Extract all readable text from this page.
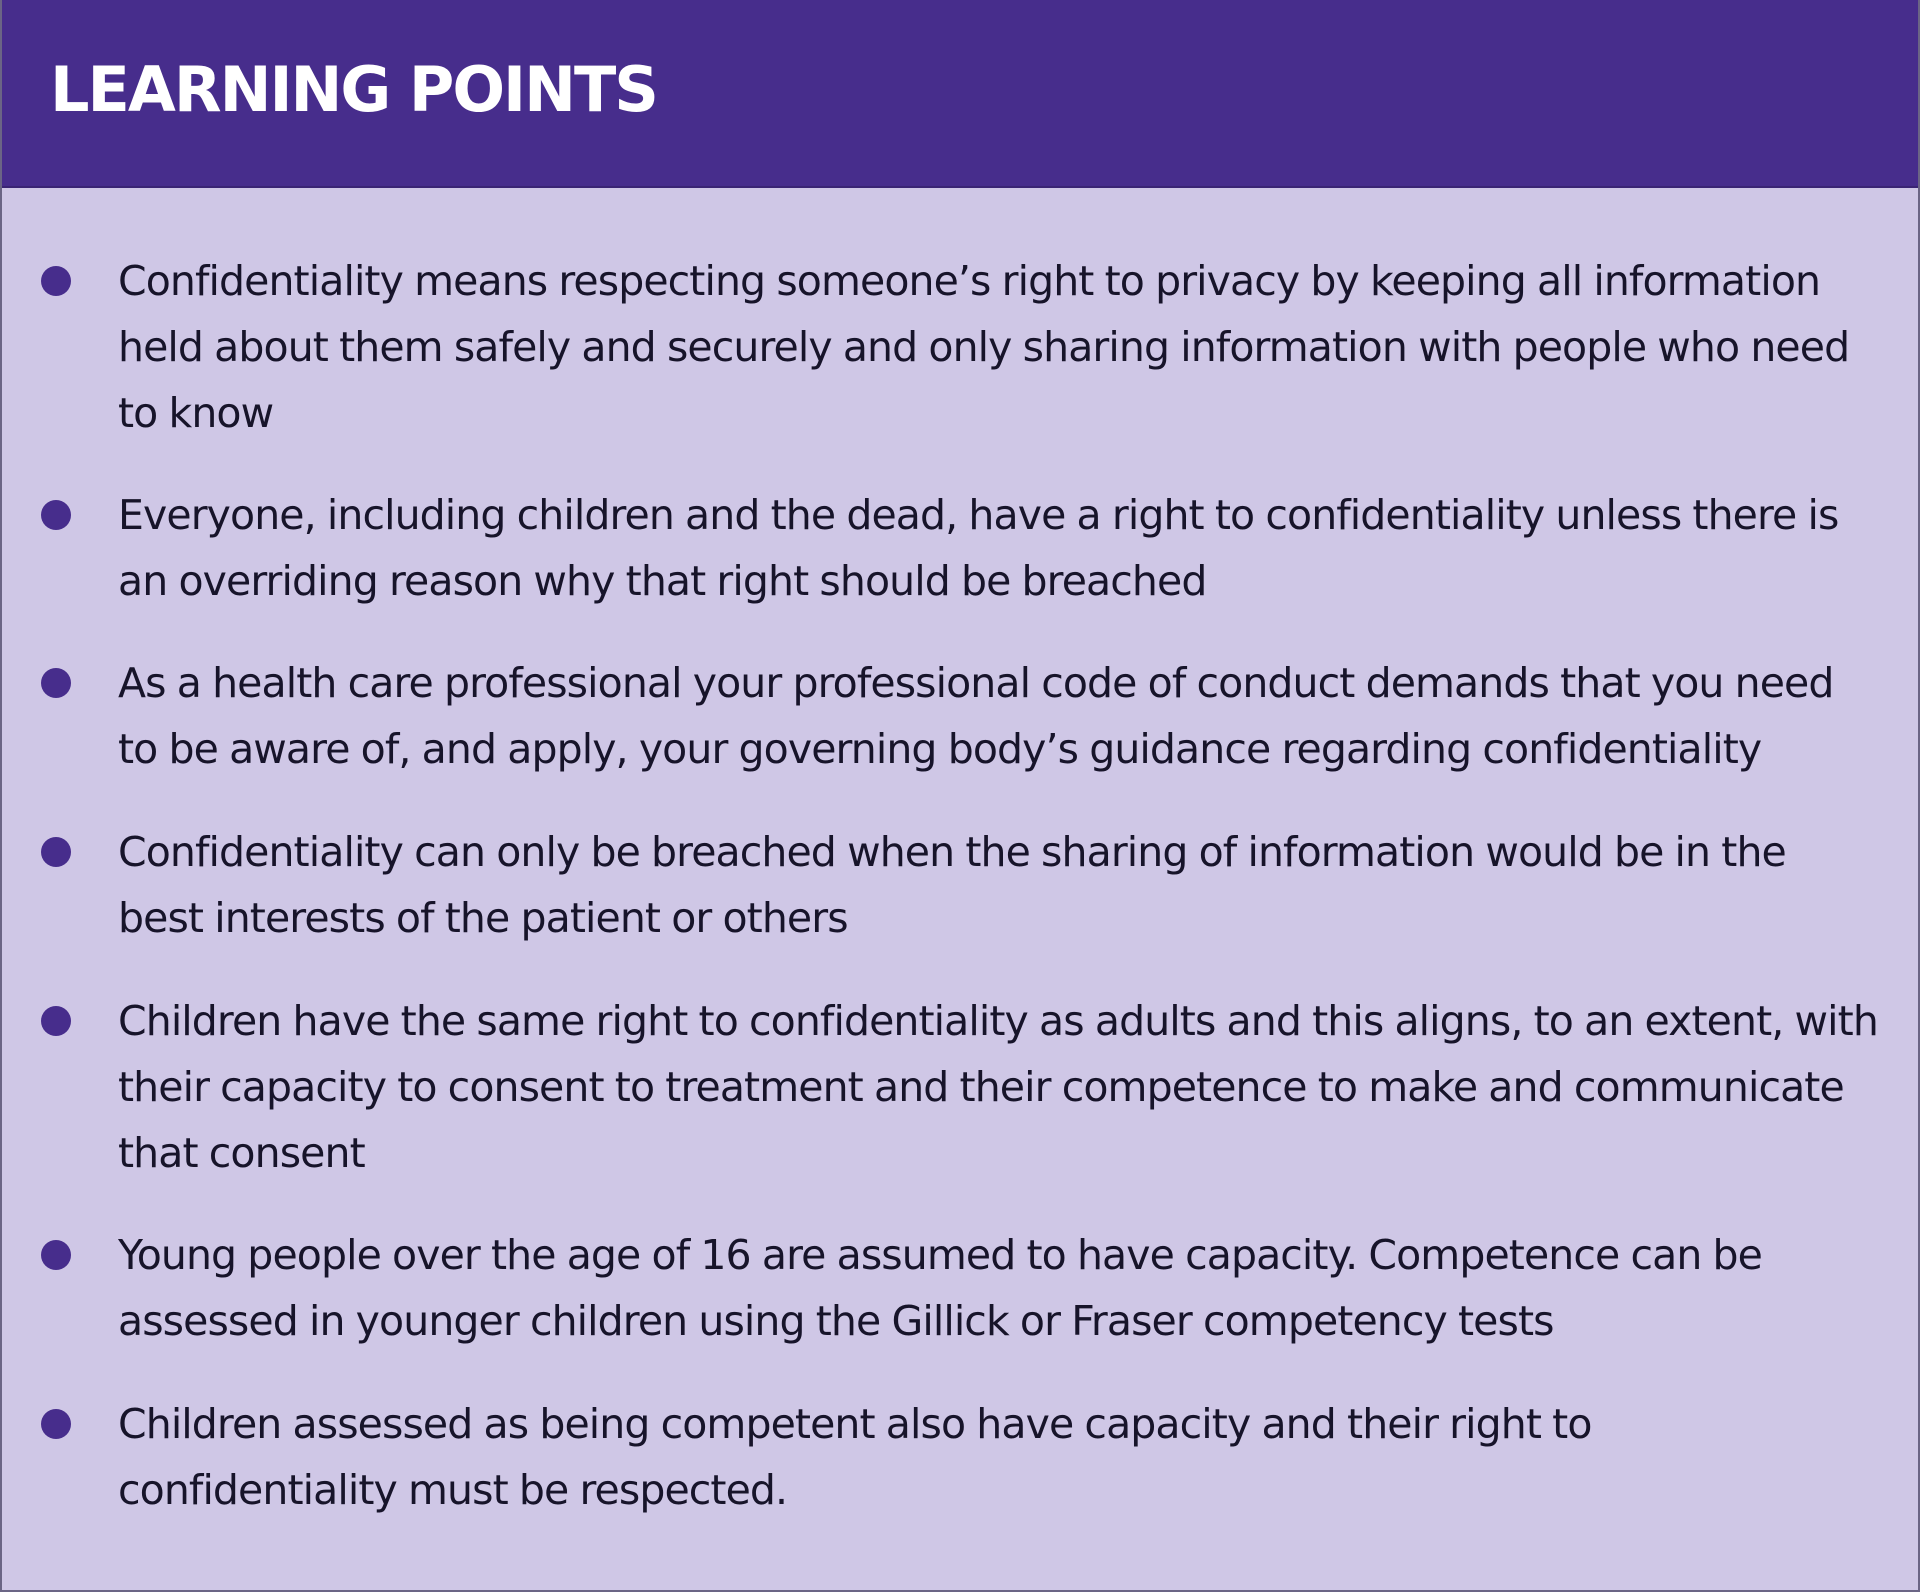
LEARNING POINTS
Confidentiality means respecting someone’s right to privacy by keeping all information held about them safely and securely and only sharing information with people who need to know
Everyone, including children and the dead, have a right to confidentiality unless there is an overriding reason why that right should be breached
As a health care professional your professional code of conduct demands that you need to be aware of, and apply, your governing body’s guidance regarding confidentiality
Confidentiality can only be breached when the sharing of information would be in the best interests of the patient or others
Children have the same right to confidentiality as adults and this aligns, to an extent, with their capacity to consent to treatment and their competence to make and communicate that consent
Young people over the age of 16 are assumed to have capacity. Competence can be assessed in younger children using the Gillick or Fraser competency tests
Children assessed as being competent also have capacity and their right to confidentiality must be respected.
